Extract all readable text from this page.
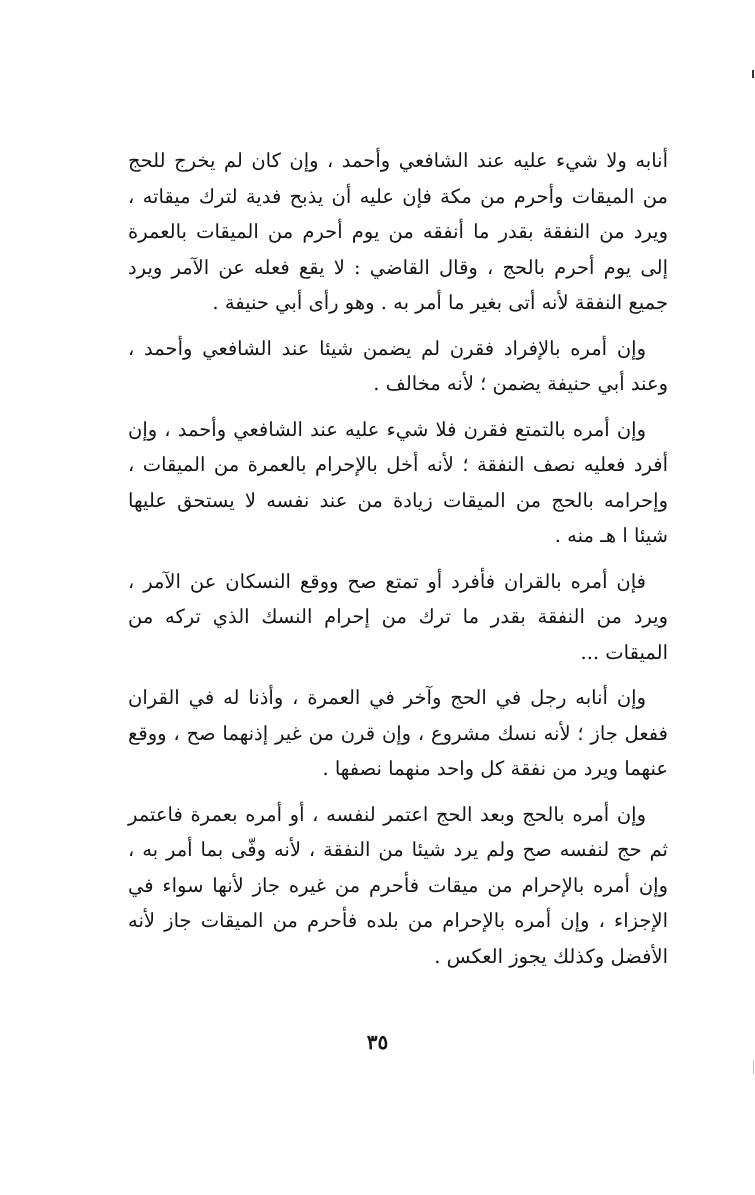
أنابه ولا شيء عليه عند الشافعي وأحمد ، وإن كان لم يخرج للحج من الميقات وأحرم من مكة فإن عليه أن يذبح فدية لترك ميقاته ، ويرد من النفقة بقدر ما أنفقه من يوم أحرم من الميقات بالعمرة إلى يوم أحرم بالحج ، وقال القاضي : لا يقع فعله عن الآمر ويرد جميع النفقة لأنه أتى بغير ما أمر به . وهو رأى أبي حنيفة .

وإن أمره بالإفراد فقرن لم يضمن شيئا عند الشافعي وأحمد ، وعند أبي حنيفة يضمن ؛ لأنه مخالف .

وإن أمره بالتمتع فقرن فلا شيء عليه عند الشافعي وأحمد ، وإن أفرد فعليه نصف النفقة ؛ لأنه أخل بالإحرام بالعمرة من الميقات ، وإحرامه بالحج من الميقات زيادة من عند نفسه لا يستحق عليها شيئا ا هـ منه .

فإن أمره بالقران فأفرد أو تمتع صح ووقع النسكان عن الآمر ، ويرد من النفقة بقدر ما ترك من إحرام النسك الذي تركه من الميقات ...

وإن أنابه رجل في الحج وآخر في العمرة ، وأذنا له في القران ففعل جاز ؛ لأنه نسك مشروع ، وإن قرن من غير إذنهما صح ، ووقع عنهما ويرد من نفقة كل واحد منهما نصفها .

وإن أمره بالحج وبعد الحج اعتمر لنفسه ، أو أمره بعمرة فاعتمر ثم حج لنفسه صح ولم يرد شيئا من النفقة ، لأنه وفّى بما أمر به ، وإن أمره بالإحرام من ميقات فأحرم من غيره جاز لأنها سواء في الإجزاء ، وإن أمره بالإحرام من بلده فأحرم من الميقات جاز لأنه الأفضل وكذلك يجوز العكس .

٣٥
